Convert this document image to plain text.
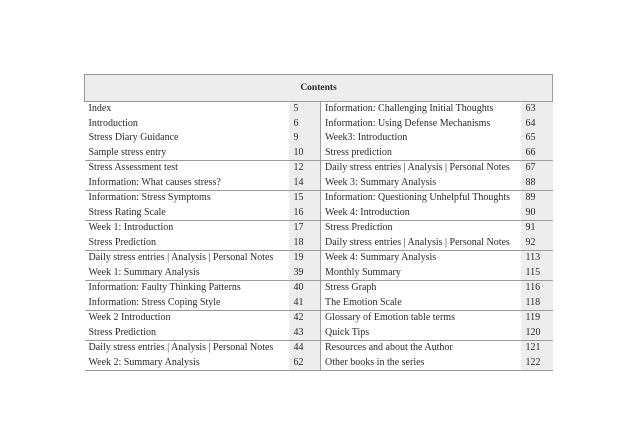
Contents			
Index	5	Information: Challenging Initial Thoughts	63
Introduction	6	Information: Using Defense Mechanisms	64
Stress Diary Guidance	9	Week3: Introduction	65
Sample stress entry	10	Stress prediction	66
Stress Assessment test	12	Daily stress entries | Analysis | Personal Notes	67
Information: What causes stress?	14	Week 3: Summary Analysis	88
Information: Stress Symptoms	15	Information: Questioning Unhelpful Thoughts	89
Stress Rating Scale	16	Week 4: Introduction	90
Week 1: Introduction	17	Stress Prediction	91
Stress Prediction	18	Daily stress entries | Analysis | Personal Notes	92
Daily stress entries | Analysis | Personal Notes	19	Week 4: Summary Analysis	113
Week 1: Summary Analysis	39	Monthly Summary	115
Information: Faulty Thinking Patterns	40	Stress Graph	116
Information: Stress Coping Style	41	The Emotion Scale	118
Week 2 Introduction	42	Glossary of Emotion table terms	119
Stress Prediction	43	Quick Tips	120
Daily stress entries | Analysis | Personal Notes	44	Resources and about the Author	121
Week 2: Summary Analysis	62	Other books in the series	122
